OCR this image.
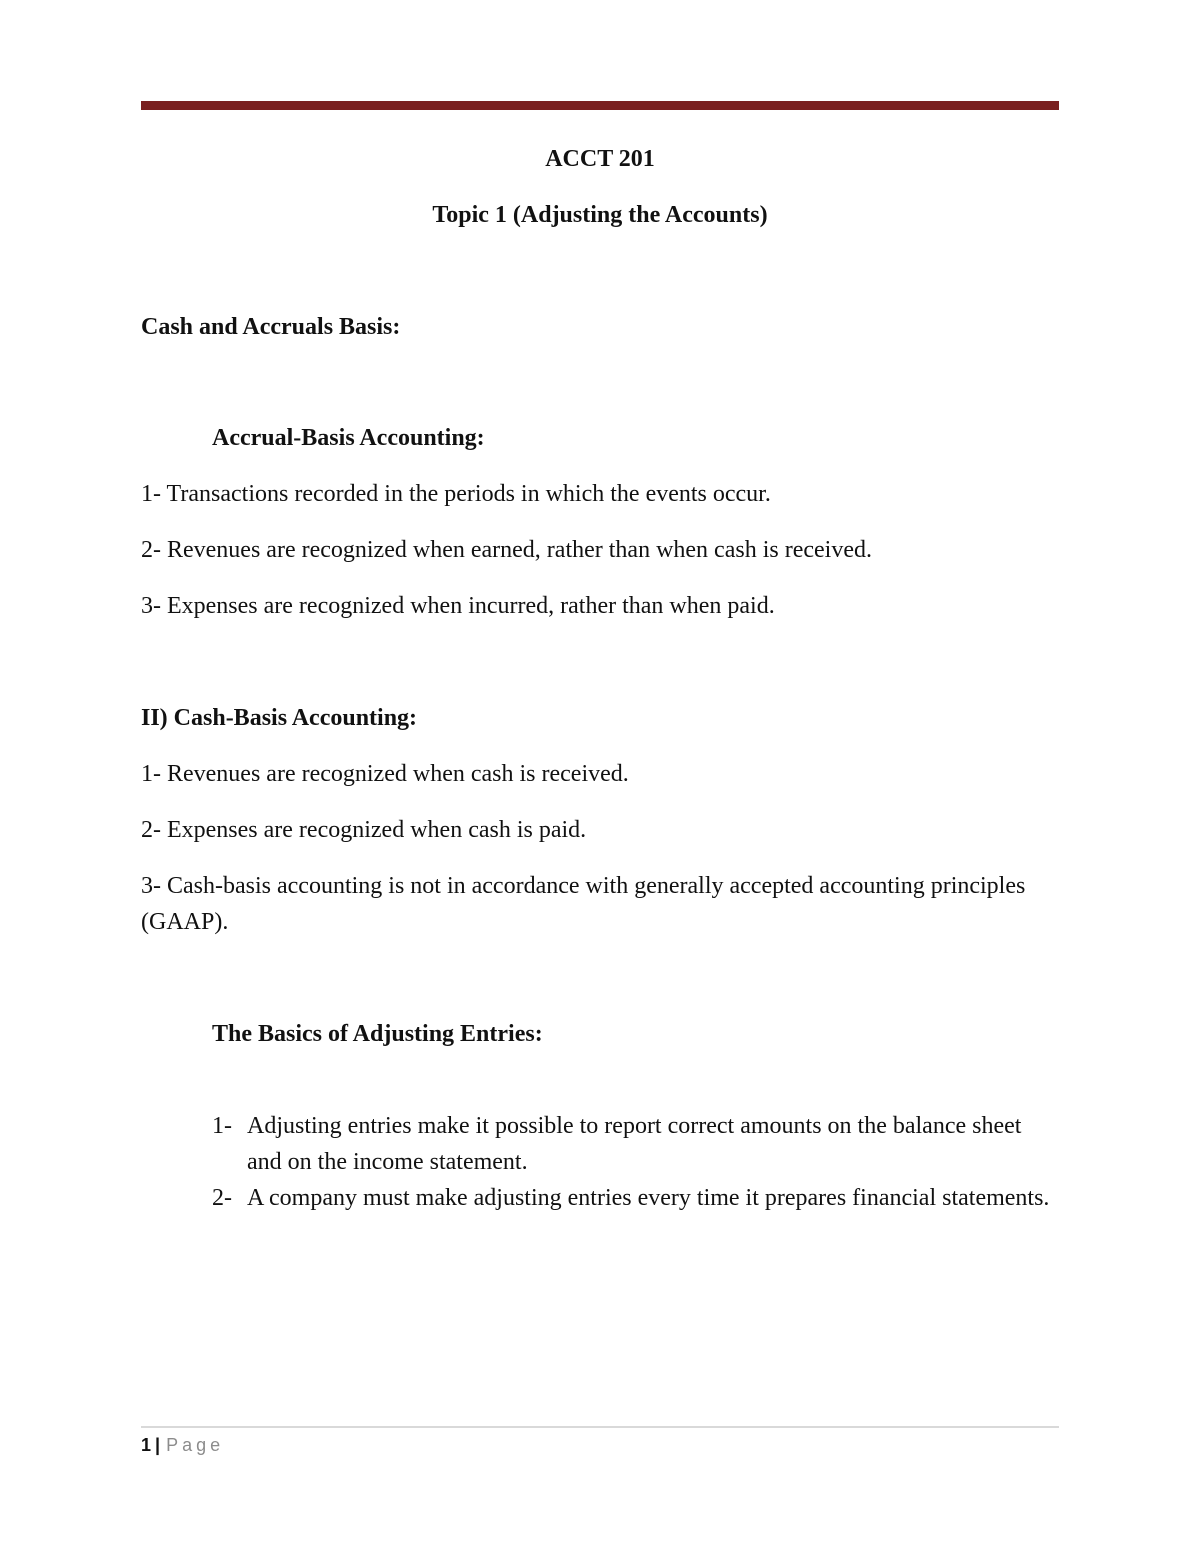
ACCT 201
Topic 1 (Adjusting the Accounts)
Cash and Accruals Basis:
Accrual-Basis Accounting:
1- Transactions recorded in the periods in which the events occur.
2- Revenues are recognized when earned, rather than when cash is received.
3- Expenses are recognized when incurred, rather than when paid.
II) Cash-Basis Accounting:
1- Revenues are recognized when cash is received.
2- Expenses are recognized when cash is paid.
3- Cash-basis accounting is not in accordance with generally accepted accounting principles (GAAP).
The Basics of Adjusting Entries:
1- Adjusting entries make it possible to report correct amounts on the balance sheet and on the income statement.
2- A company must make adjusting entries every time it prepares financial statements.
1 | Page
